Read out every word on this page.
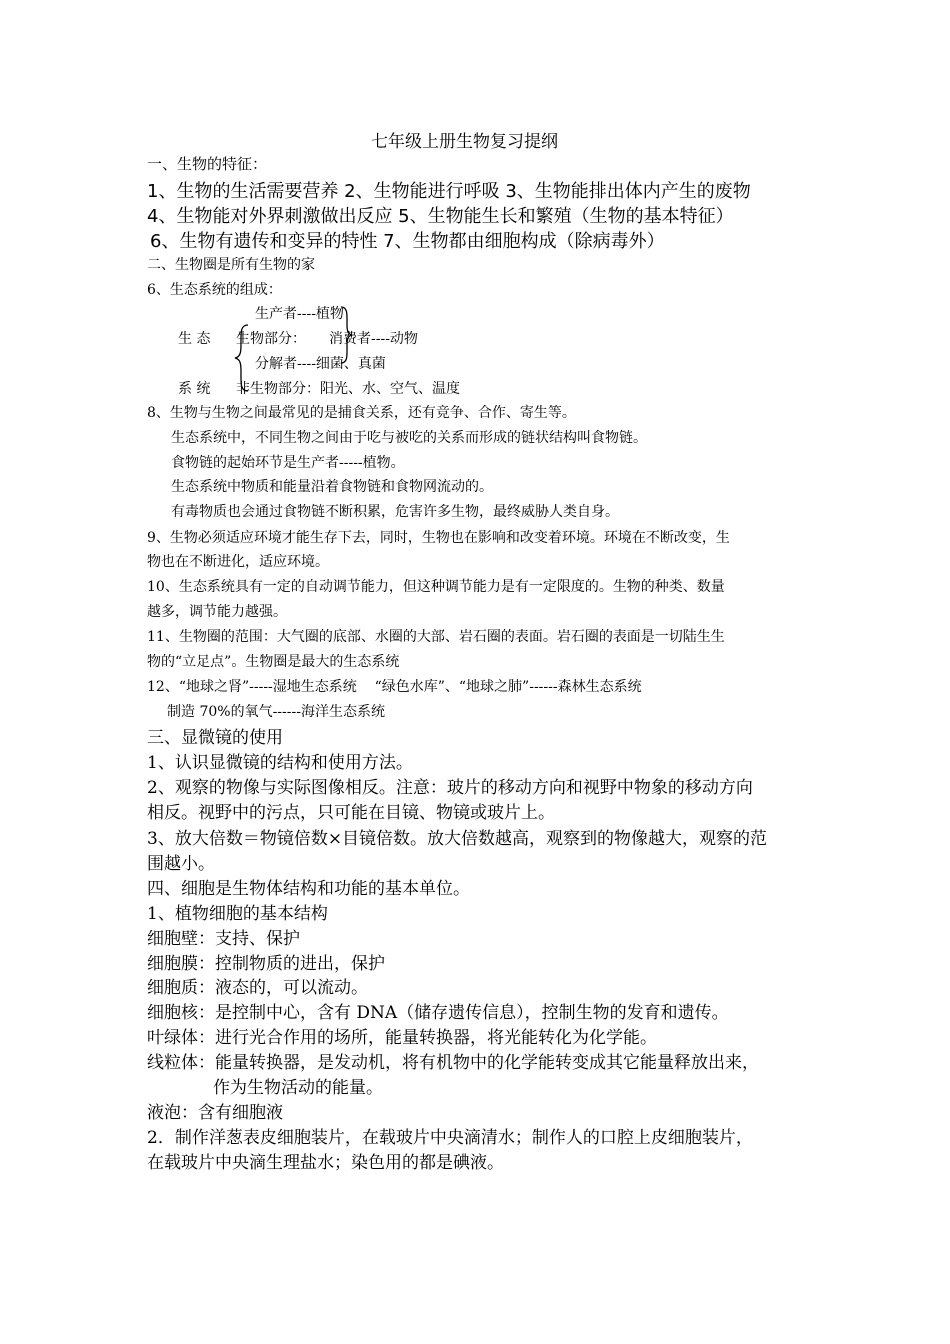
七年级上册生物复习提纲
一、生物的特征：
1、生物的生活需要营养 2、生物能进行呼吸 3、生物能排出体内产生的废物
4、生物能对外界刺激做出反应 5、生物能生长和繁殖（生物的基本特征）
6、生物有遗传和变异的特性 7、生物都由细胞构成（除病毒外）
二、生物圈是所有生物的家
6、生态系统的组成：
生产者----植物
生 态 生物部分： 消费者----动物
分解者----细菌、真菌
系 统 非生物部分：阳光、水、空气、温度
8、生物与生物之间最常见的是捕食关系，还有竞争、合作、寄生等。
生态系统中，不同生物之间由于吃与被吃的关系而形成的链状结构叫食物链。
食物链的起始环节是生产者-----植物。
生态系统中物质和能量沿着食物链和食物网流动的。
有毒物质也会通过食物链不断积累，危害许多生物，最终威胁人类自身。
9、生物必须适应环境才能生存下去，同时，生物也在影响和改变着环境。环境在不断改变，生
物也在不断进化，适应环境。
10、生态系统具有一定的自动调节能力，但这种调节能力是有一定限度的。生物的种类、数量
越多，调节能力越强。
11、生物圈的范围：大气圈的底部、水圈的大部、岩石圈的表面。岩石圈的表面是一切陆生生
物的“立足点”。生物圈是最大的生态系统
12、“地球之肾”-----湿地生态系统    “绿色水库”、“地球之肺”------森林生态系统
制造 70%的氧气------海洋生态系统
三、显微镜的使用
1、认识显微镜的结构和使用方法。
2、观察的物像与实际图像相反。注意：玻片的移动方向和视野中物象的移动方向
相反。视野中的污点，只可能在目镜、物镜或玻片上。
3、放大倍数＝物镜倍数×目镜倍数。放大倍数越高，观察到的物像越大，观察的范
围越小。
四、细胞是生物体结构和功能的基本单位。
1、植物细胞的基本结构
细胞壁：支持、保护
细胞膜：控制物质的进出，保护
细胞质：液态的，可以流动。
细胞核：是控制中心，含有 DNA（储存遗传信息），控制生物的发育和遗传。
叶绿体：进行光合作用的场所，能量转换器，将光能转化为化学能。
线粒体：能量转换器，是发动机，将有机物中的化学能转变成其它能量释放出来，
作为生物活动的能量。
液泡：含有细胞液
2．制作洋葱表皮细胞装片，在载玻片中央滴清水；制作人的口腔上皮细胞装片，
在载玻片中央滴生理盐水；染色用的都是碘液。
